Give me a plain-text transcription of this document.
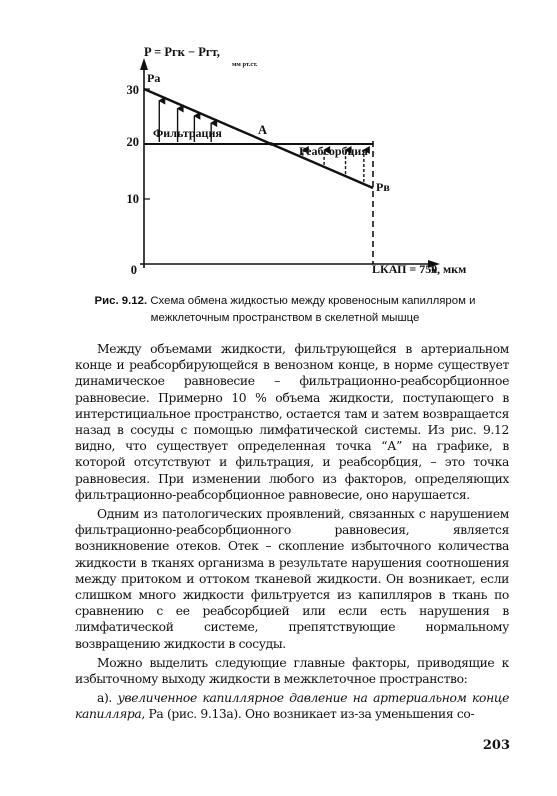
P = Pгк − Pгт,
мм рт.ст.
30
20
10
0
Pа
Pв
A
Фильтрация
Реабсорбция
LКАП = 750
x, мкм
Рис. 9.12. Схема обмена жидкостью между кровеносным капилляром и межклеточным пространством в скелетной мышце

Между объемами жидкости, фильтрующейся в артериальном конце и реабсорбирующейся в венозном конце, в норме существует динамическое равновесие – фильтрационно-реабсорбционное равновесие. Примерно 10 % объема жидкости, поступающего в интерстициальное пространство, остается там и затем возвращается назад в сосуды с помощью лимфатической системы. Из рис. 9.12 видно, что существует определенная точка “А” на графике, в которой отсутствуют и фильтрация, и реабсорбция, – это точка равновесия. При изменении любого из факторов, определяющих фильтрационно-реабсорбционное равновесие, оно нарушается.

Одним из патологических проявлений, связанных с нарушением фильтрационно-реабсорбционного равновесия, является возникновение отеков. Отек – скопление избыточного количества жидкости в тканях организма в результате нарушения соотношения между притоком и оттоком тканевой жидкости. Он возникает, если слишком много жидкости фильтруется из капилляров в ткань по сравнению с ее реабсорбцией или если есть нарушения в лимфатической системе, препятствующие нормальному возвращению жидкости в сосуды.

Можно выделить следующие главные факторы, приводящие к избыточному выходу жидкости в межклеточное пространство:

а). увеличенное капиллярное давление на артериальном конце капилляра, Pа (рис. 9.13а). Оно возникает из-за уменьшения со-

203
